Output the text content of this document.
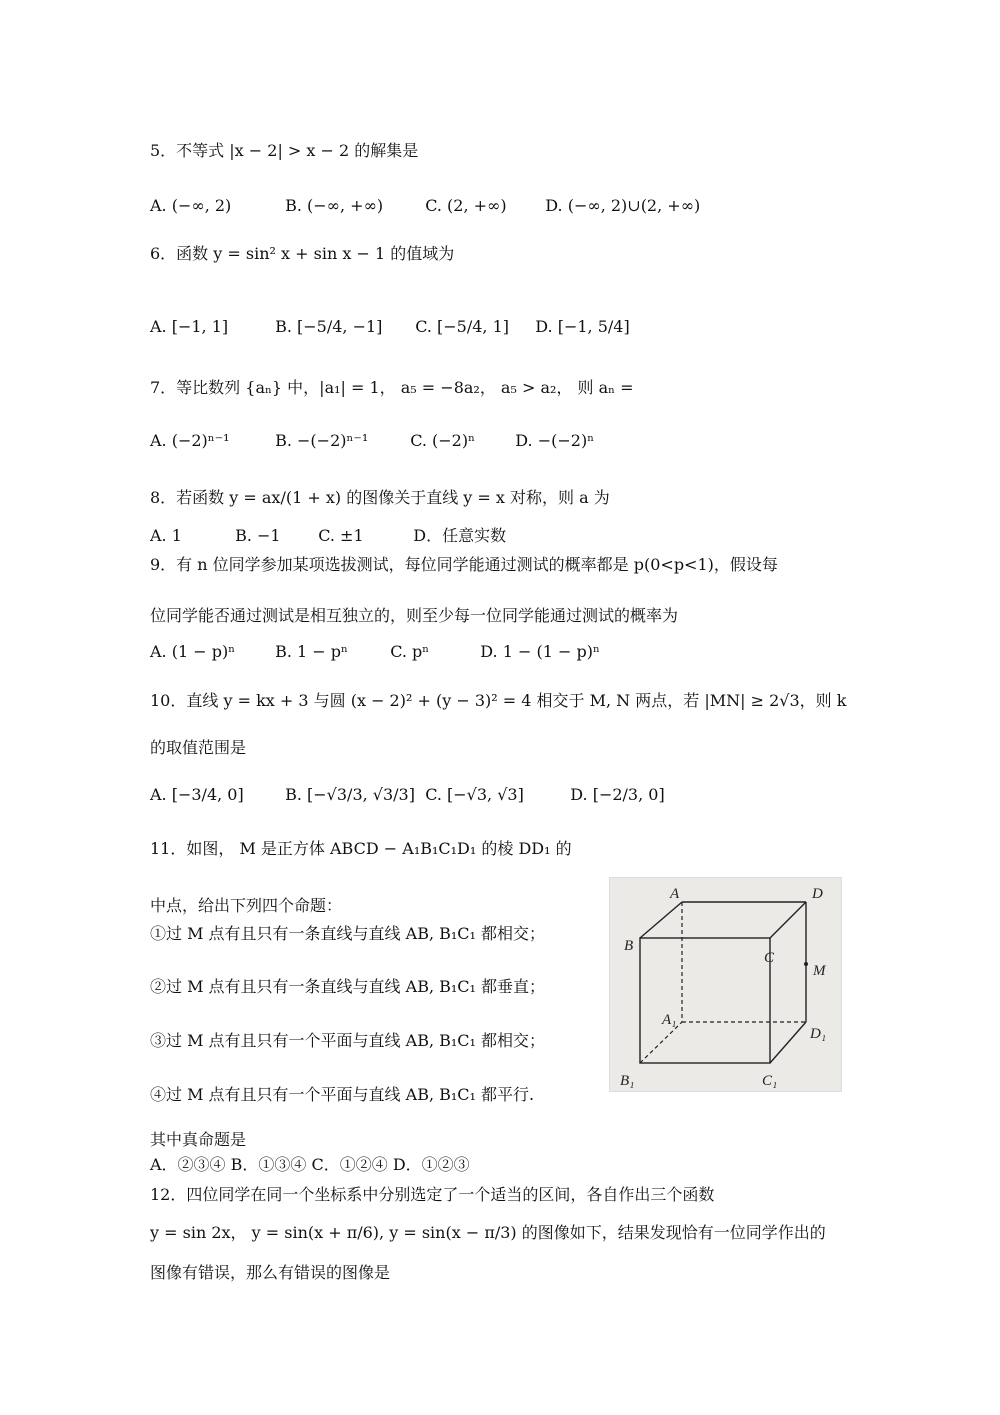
5．不等式 |x − 2| > x − 2 的解集是
A. (−∞, 2)	B. (−∞, +∞)	C. (2, +∞) D. (−∞, 2)∪(2, +∞)
6．函数 y = sin² x + sin x − 1 的值域为
A. [−1, 1]	B. [−5/4, −1] C. [−5/4, 1] D. [−1, 5/4]
7．等比数列 {aₙ} 中，|a₁| = 1， a₅ = −8a₂， a₅ > a₂， 则 aₙ =
A. (−2)ⁿ⁻¹	B. −(−2)ⁿ⁻¹	C. (−2)ⁿ	D. −(−2)ⁿ
8．若函数 y = ax/(1 + x) 的图像关于直线 y = x 对称，则 a 为
A. 1	B. −1 C. ±1	D．任意实数
9．有 n 位同学参加某项选拔测试，每位同学能通过测试的概率都是 p(0<p<1)，假设每
位同学能否通过测试是相互独立的，则至少每一位同学能通过测试的概率为
A. (1 − p)ⁿ B. 1 − pⁿ	C. pⁿ	D. 1 − (1 − p)ⁿ
10．直线 y = kx + 3 与圆 (x − 2)² + (y − 3)² = 4 相交于 M, N 两点，若 |MN| ≥ 2√3，则 k
的取值范围是
A. [−3/4, 0]	B. [−√3/3, √3/3] C. [−√3, √3]	D. [−2/3, 0]
11．如图， M 是正方体 ABCD − A₁B₁C₁D₁ 的棱 DD₁ 的
中点，给出下列四个命题：
①过 M 点有且只有一条直线与直线 AB, B₁C₁ 都相交；
②过 M 点有且只有一条直线与直线 AB, B₁C₁ 都垂直；
③过 M 点有且只有一个平面与直线 AB, B₁C₁ 都相交；
④过 M 点有且只有一个平面与直线 AB, B₁C₁ 都平行.
其中真命题是
A．②③④ B．①③④ C．①②④ D．①②③
A	D
B
C
M
A₁
D₁
B₁	C₁
12．四位同学在同一个坐标系中分别选定了一个适当的区间，各自作出三个函数
y = sin 2x， y = sin(x + π/6), y = sin(x − π/3) 的图像如下，结果发现恰有一位同学作出的
图像有错误，那么有错误的图像是
